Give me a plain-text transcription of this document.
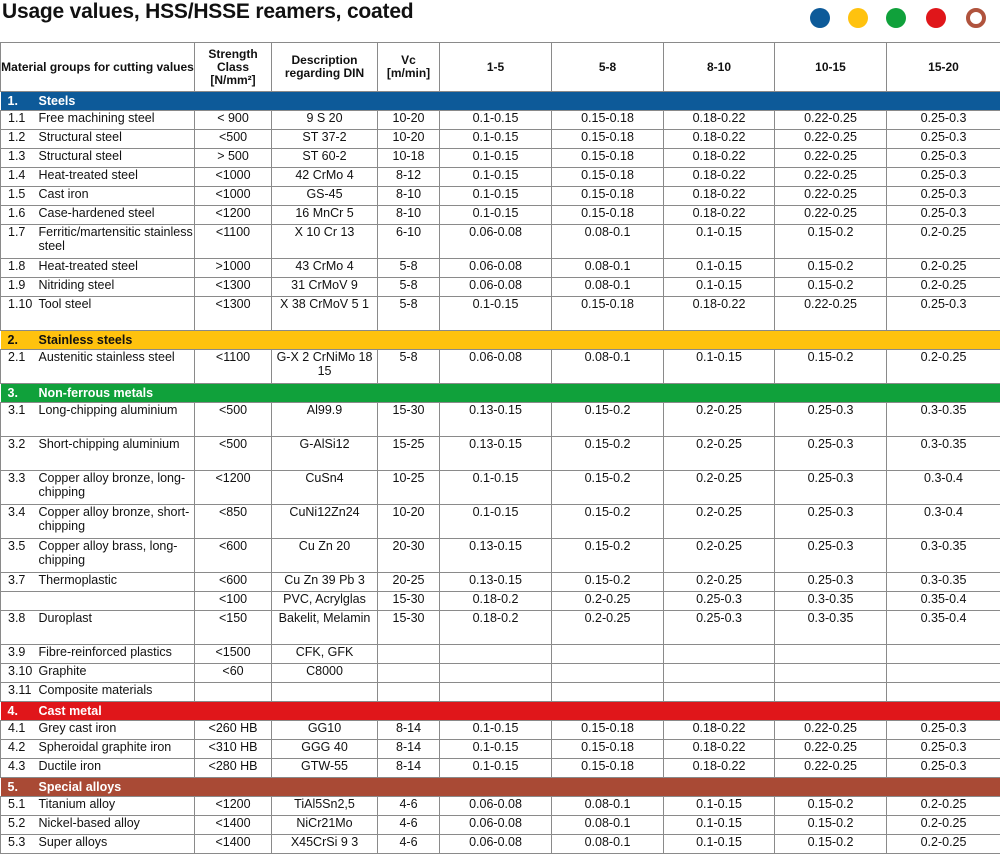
Usage values, HSS/HSSE reamers, coated
Material groups for cutting values		Strength Class [N/mm²]	Description regarding DIN	Vc [m/min]	1-5	5-8	8-10	10-15	15-20
1.	Steels								
1.1	Free machining steel	< 900	9 S 20	10-20	0.1-0.15	0.15-0.18	0.18-0.22	0.22-0.25	0.25-0.3
1.2	Structural steel	<500	ST 37-2	10-20	0.1-0.15	0.15-0.18	0.18-0.22	0.22-0.25	0.25-0.3
1.3	Structural steel	> 500	ST 60-2	10-18	0.1-0.15	0.15-0.18	0.18-0.22	0.22-0.25	0.25-0.3
1.4	Heat-treated steel	<1000	42 CrMo 4	8-12	0.1-0.15	0.15-0.18	0.18-0.22	0.22-0.25	0.25-0.3
1.5	Cast iron	<1000	GS-45	8-10	0.1-0.15	0.15-0.18	0.18-0.22	0.22-0.25	0.25-0.3
1.6	Case-hardened steel	<1200	16 MnCr 5	8-10	0.1-0.15	0.15-0.18	0.18-0.22	0.22-0.25	0.25-0.3
1.7	Ferritic/martensitic stainless steel	<1100	X 10 Cr 13	6-10	0.06-0.08	0.08-0.1	0.1-0.15	0.15-0.2	0.2-0.25
1.8	Heat-treated steel	>1000	43 CrMo 4	5-8	0.06-0.08	0.08-0.1	0.1-0.15	0.15-0.2	0.2-0.25
1.9	Nitriding steel	<1300	31 CrMoV 9	5-8	0.06-0.08	0.08-0.1	0.1-0.15	0.15-0.2	0.2-0.25
1.10	Tool steel	<1300	X 38 CrMoV 5 1	5-8	0.1-0.15	0.15-0.18	0.18-0.22	0.22-0.25	0.25-0.3
2.	Stainless steels								
2.1	Austenitic stainless steel	<1100	G-X 2 CrNiMo 18 15	5-8	0.06-0.08	0.08-0.1	0.1-0.15	0.15-0.2	0.2-0.25
3.	Non-ferrous metals								
3.1	Long-chipping aluminium	<500	Al99.9	15-30	0.13-0.15	0.15-0.2	0.2-0.25	0.25-0.3	0.3-0.35
3.2	Short-chipping aluminium	<500	G-AlSi12	15-25	0.13-0.15	0.15-0.2	0.2-0.25	0.25-0.3	0.3-0.35
3.3	Copper alloy bronze, long-chipping	<1200	CuSn4	10-25	0.1-0.15	0.15-0.2	0.2-0.25	0.25-0.3	0.3-0.4
3.4	Copper alloy bronze, short-chipping	<850	CuNi12Zn24	10-20	0.1-0.15	0.15-0.2	0.2-0.25	0.25-0.3	0.3-0.4
3.5	Copper alloy brass, long-chipping	<600	Cu Zn 20	20-30	0.13-0.15	0.15-0.2	0.2-0.25	0.25-0.3	0.3-0.35
3.7	Thermoplastic	<600	Cu Zn 39 Pb 3	20-25	0.13-0.15	0.15-0.2	0.2-0.25	0.25-0.3	0.3-0.35
		<100	PVC, Acrylglas	15-30	0.18-0.2	0.2-0.25	0.25-0.3	0.3-0.35	0.35-0.4
3.8	Duroplast	<150	Bakelit, Melamin	15-30	0.18-0.2	0.2-0.25	0.25-0.3	0.3-0.35	0.35-0.4
3.9	Fibre-reinforced plastics	<1500	CFK, GFK						
3.10	Graphite	<60	C8000						
3.11	Composite materials								
4.	Cast metal								
4.1	Grey cast iron	<260 HB	GG10	8-14	0.1-0.15	0.15-0.18	0.18-0.22	0.22-0.25	0.25-0.3
4.2	Spheroidal graphite iron	<310 HB	GGG 40	8-14	0.1-0.15	0.15-0.18	0.18-0.22	0.22-0.25	0.25-0.3
4.3	Ductile iron	<280 HB	GTW-55	8-14	0.1-0.15	0.15-0.18	0.18-0.22	0.22-0.25	0.25-0.3
5.	Special alloys								
5.1	Titanium alloy	<1200	TiAl5Sn2,5	4-6	0.06-0.08	0.08-0.1	0.1-0.15	0.15-0.2	0.2-0.25
5.2	Nickel-based alloy	<1400	NiCr21Mo	4-6	0.06-0.08	0.08-0.1	0.1-0.15	0.15-0.2	0.2-0.25
5.3	Super alloys	<1400	X45CrSi 9 3	4-6	0.06-0.08	0.08-0.1	0.1-0.15	0.15-0.2	0.2-0.25
